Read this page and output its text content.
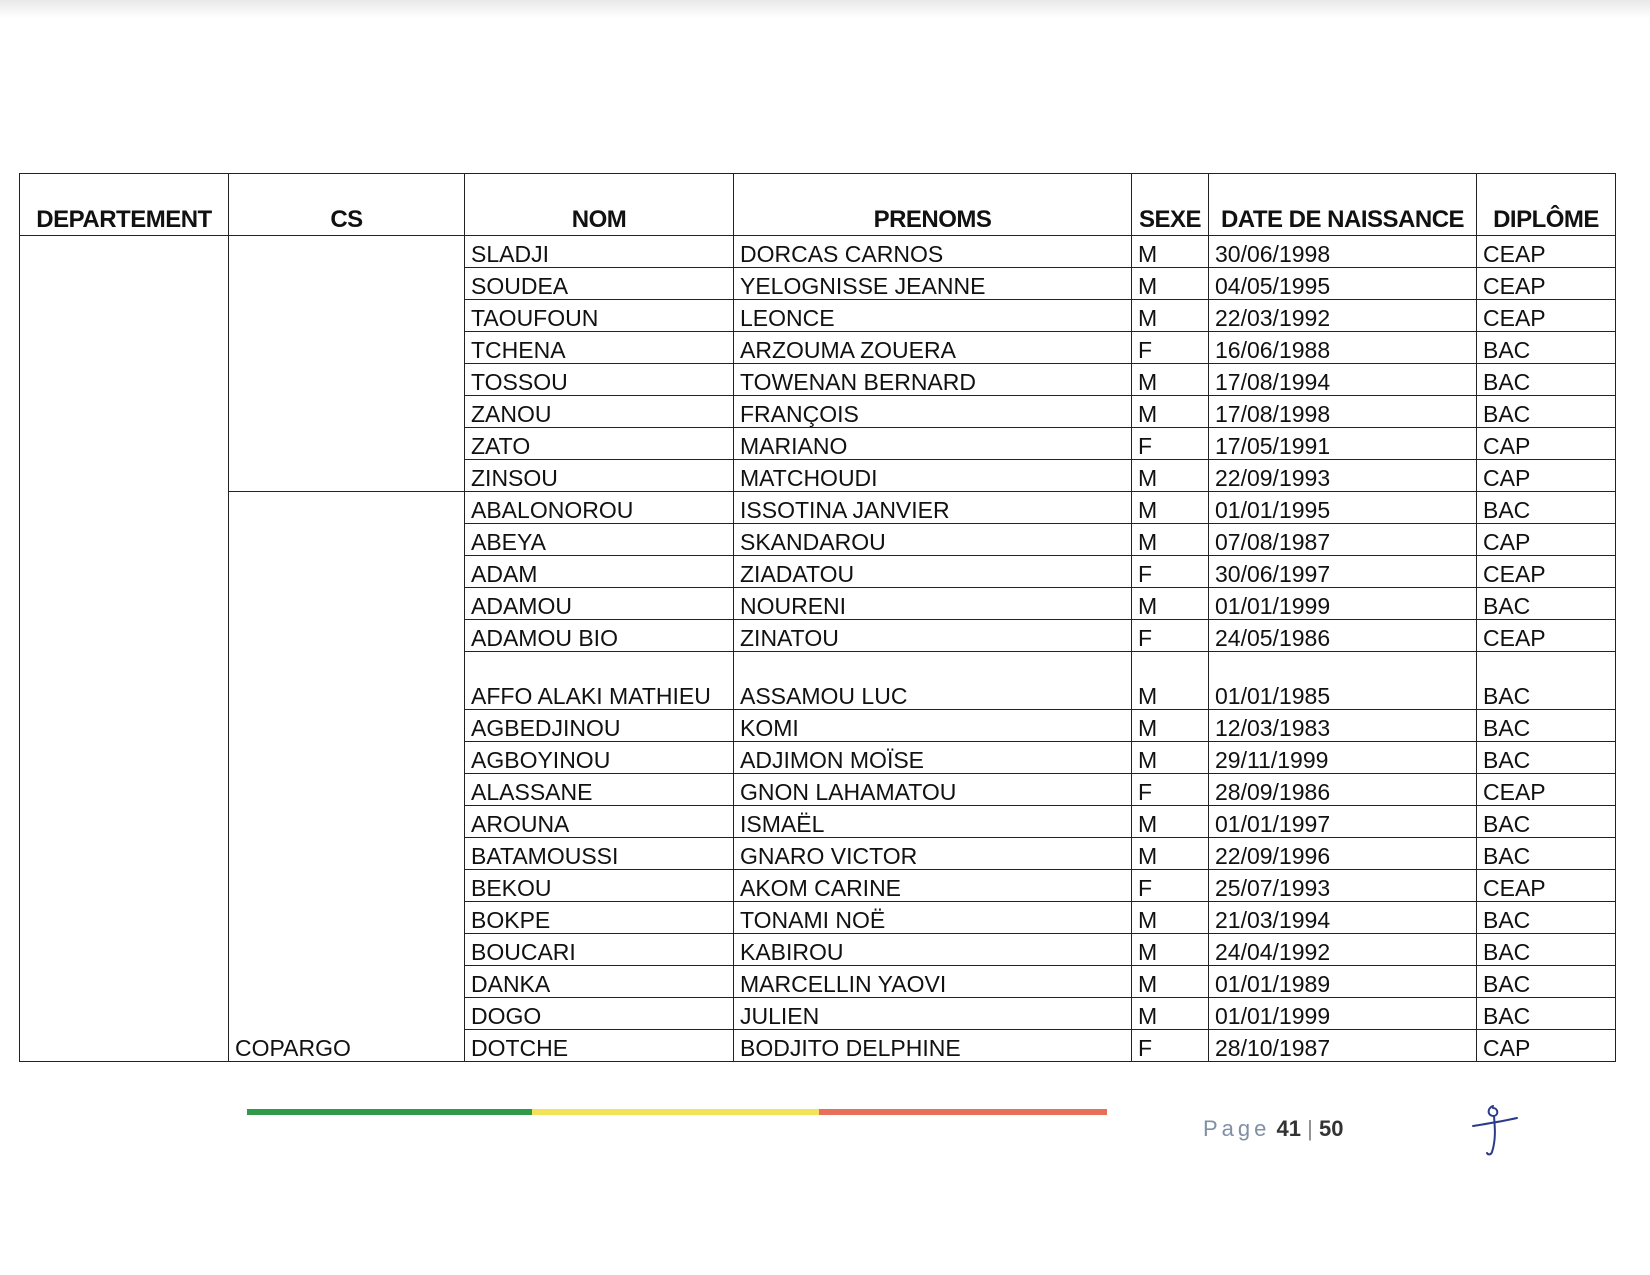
DEPARTEMENT	CS	NOM	PRENOMS	SEXE	DATE DE NAISSANCE	DIPLÔME
		SLADJI	DORCAS CARNOS	M	30/06/1998	CEAP
		SOUDEA	YELOGNISSE JEANNE	M	04/05/1995	CEAP
		TAOUFOUN	LEONCE	M	22/03/1992	CEAP
		TCHENA	ARZOUMA ZOUERA	F	16/06/1988	BAC
		TOSSOU	TOWENAN BERNARD	M	17/08/1994	BAC
		ZANOU	FRANÇOIS	M	17/08/1998	BAC
		ZATO	MARIANO	F	17/05/1991	CAP
		ZINSOU	MATCHOUDI	M	22/09/1993	CAP
	COPARGO	ABALONOROU	ISSOTINA JANVIER	M	01/01/1995	BAC
		ABEYA	SKANDAROU	M	07/08/1987	CAP
		ADAM	ZIADATOU	F	30/06/1997	CEAP
		ADAMOU	NOURENI	M	01/01/1999	BAC
		ADAMOU BIO	ZINATOU	F	24/05/1986	CEAP
		AFFO ALAKI MATHIEU	ASSAMOU LUC	M	01/01/1985	BAC
		AGBEDJINOU	KOMI	M	12/03/1983	BAC
		AGBOYINOU	ADJIMON MOÏSE	M	29/11/1999	BAC
		ALASSANE	GNON LAHAMATOU	F	28/09/1986	CEAP
		AROUNA	ISMAËL	M	01/01/1997	BAC
		BATAMOUSSI	GNARO VICTOR	M	22/09/1996	BAC
		BEKOU	AKOM CARINE	F	25/07/1993	CEAP
		BOKPE	TONAMI NOË	M	21/03/1994	BAC
		BOUCARI	KABIROU	M	24/04/1992	BAC
		DANKA	MARCELLIN YAOVI	M	01/01/1989	BAC
		DOGO	JULIEN	M	01/01/1999	BAC
		DOTCHE	BODJITO DELPHINE	F	28/10/1987	CAP
Page 41 | 50
